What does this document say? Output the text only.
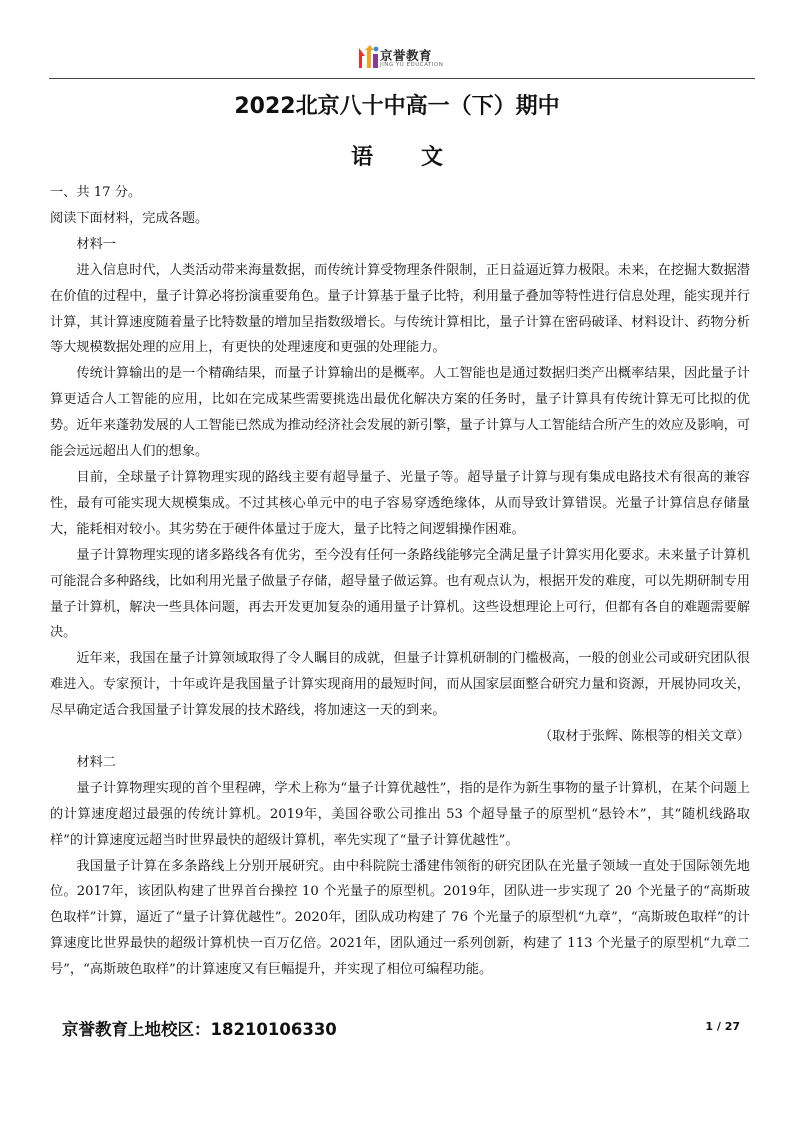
京誉教育
JING YU EDUCATION
2022北京八十中高一（下）期中
语文

一、共 17 分。

阅读下面材料，完成各题。

材料一

进入信息时代，人类活动带来海量数据，而传统计算受物理条件限制，正日益逼近算力极限。未来，在挖掘大数据潜在价值的过程中，量子计算必将扮演重要角色。量子计算基于量子比特，利用量子叠加等特性进行信息处理，能实现并行计算，其计算速度随着量子比特数量的增加呈指数级增长。与传统计算相比，量子计算在密码破译、材料设计、药物分析等大规模数据处理的应用上，有更快的处理速度和更强的处理能力。

传统计算输出的是一个精确结果，而量子计算输出的是概率。人工智能也是通过数据归类产出概率结果，因此量子计算更适合人工智能的应用，比如在完成某些需要挑选出最优化解决方案的任务时，量子计算具有传统计算无可比拟的优势。近年来蓬勃发展的人工智能已然成为推动经济社会发展的新引擎，量子计算与人工智能结合所产生的效应及影响，可能会远远超出人们的想象。

目前，全球量子计算物理实现的路线主要有超导量子、光量子等。超导量子计算与现有集成电路技术有很高的兼容性，最有可能实现大规模集成。不过其核心单元中的电子容易穿透绝缘体，从而导致计算错误。光量子计算信息存储量大，能耗相对较小。其劣势在于硬件体量过于庞大，量子比特之间逻辑操作困难。

量子计算物理实现的诸多路线各有优劣，至今没有任何一条路线能够完全满足量子计算实用化要求。未来量子计算机可能混合多种路线，比如利用光量子做量子存储，超导量子做运算。也有观点认为，根据开发的难度，可以先期研制专用量子计算机，解决一些具体问题，再去开发更加复杂的通用量子计算机。这些设想理论上可行，但都有各自的难题需要解决。

近年来，我国在量子计算领域取得了令人瞩目的成就，但量子计算机研制的门槛极高，一般的创业公司或研究团队很难进入。专家预计，十年或许是我国量子计算实现商用的最短时间，而从国家层面整合研究力量和资源，开展协同攻关，尽早确定适合我国量子计算发展的技术路线，将加速这一天的到来。

（取材于张辉、陈根等的相关文章）

材料二

量子计算物理实现的首个里程碑，学术上称为“量子计算优越性”，指的是作为新生事物的量子计算机，在某个问题上的计算速度超过最强的传统计算机。2019年，美国谷歌公司推出 53 个超导量子的原型机“悬铃木”，其“随机线路取样”的计算速度远超当时世界最快的超级计算机，率先实现了“量子计算优越性”。

我国量子计算在多条路线上分别开展研究。由中科院院士潘建伟领衔的研究团队在光量子领域一直处于国际领先地位。2017年，该团队构建了世界首台操控 10 个光量子的原型机。2019年，团队进一步实现了 20 个光量子的“高斯玻色取样”计算，逼近了“量子计算优越性”。2020年，团队成功构建了 76 个光量子的原型机“九章”，“高斯玻色取样”的计算速度比世界最快的超级计算机快一百万亿倍。2021年，团队通过一系列创新，构建了 113 个光量子的原型机“九章二号”，“高斯玻色取样”的计算速度又有巨幅提升，并实现了相位可编程功能。

京誉教育上地校区：18210106330	1 / 27
